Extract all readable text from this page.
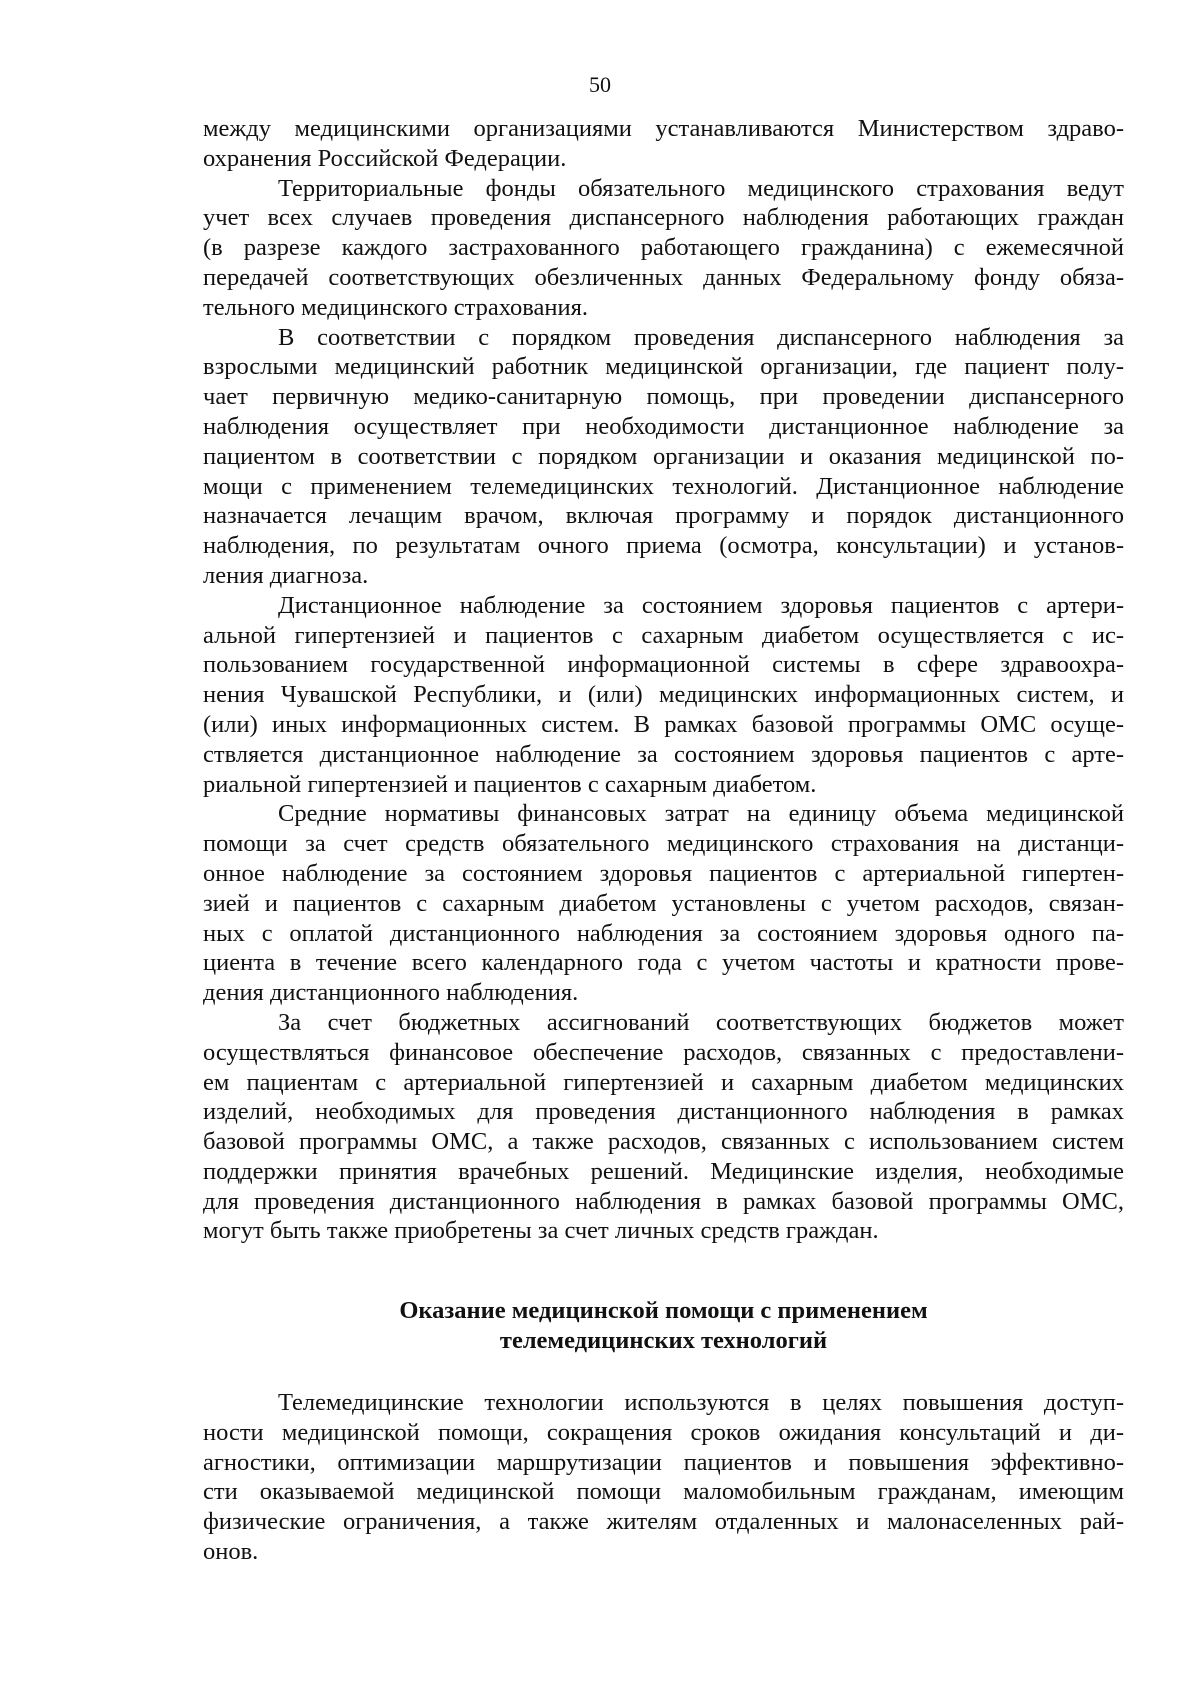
50
между медицинскими организациями устанавливаются Министерством здраво-
охранения Российской Федерации.
Территориальные фонды обязательного медицинского страхования ведут
учет всех случаев проведения диспансерного наблюдения работающих граждан
(в разрезе каждого застрахованного работающего гражданина) с ежемесячной
передачей соответствующих обезличенных данных Федеральному фонду обяза-
тельного медицинского страхования.
В соответствии с порядком проведения диспансерного наблюдения за
взрослыми медицинский работник медицинской организации, где пациент полу-
чает первичную медико-санитарную помощь, при проведении диспансерного
наблюдения осуществляет при необходимости дистанционное наблюдение за
пациентом в соответствии с порядком организации и оказания медицинской по-
мощи с применением телемедицинских технологий. Дистанционное наблюдение
назначается лечащим врачом, включая программу и порядок дистанционного
наблюдения, по результатам очного приема (осмотра, консультации) и установ-
ления диагноза.
Дистанционное наблюдение за состоянием здоровья пациентов с артери-
альной гипертензией и пациентов с сахарным диабетом осуществляется с ис-
пользованием государственной информационной системы в сфере здравоохра-
нения Чувашской Республики, и (или) медицинских информационных систем, и
(или) иных информационных систем. В рамках базовой программы ОМС осуще-
ствляется дистанционное наблюдение за состоянием здоровья пациентов с арте-
риальной гипертензией и пациентов с сахарным диабетом.
Средние нормативы финансовых затрат на единицу объема медицинской
помощи за счет средств обязательного медицинского страхования на дистанци-
онное наблюдение за состоянием здоровья пациентов с артериальной гипертен-
зией и пациентов с сахарным диабетом установлены с учетом расходов, связан-
ных с оплатой дистанционного наблюдения за состоянием здоровья одного па-
циента в течение всего календарного года с учетом частоты и кратности прове-
дения дистанционного наблюдения.
За счет бюджетных ассигнований соответствующих бюджетов может
осуществляться финансовое обеспечение расходов, связанных с предоставлени-
ем пациентам с артериальной гипертензией и сахарным диабетом медицинских
изделий, необходимых для проведения дистанционного наблюдения в рамках
базовой программы ОМС, а также расходов, связанных с использованием систем
поддержки принятия врачебных решений. Медицинские изделия, необходимые
для проведения дистанционного наблюдения в рамках базовой программы ОМС,
могут быть также приобретены за счет личных средств граждан.
Оказание медицинской помощи с применением
телемедицинских технологий
Телемедицинские технологии используются в целях повышения доступ-
ности медицинской помощи, сокращения сроков ожидания консультаций и ди-
агностики, оптимизации маршрутизации пациентов и повышения эффективно-
сти оказываемой медицинской помощи маломобильным гражданам, имеющим
физические ограничения, а также жителям отдаленных и малонаселенных рай-
онов.
